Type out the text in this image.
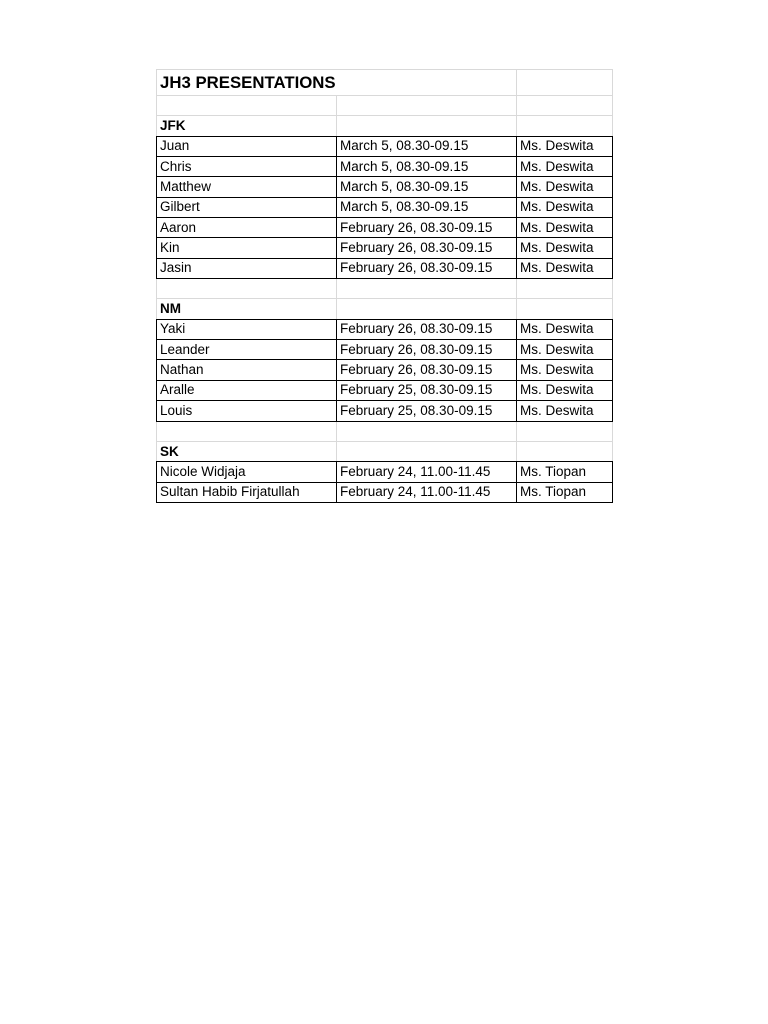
JH3 PRESENTATIONS		

JFK		
Juan	March 5, 08.30-09.15	Ms. Deswita
Chris	March 5, 08.30-09.15	Ms. Deswita
Matthew	March 5, 08.30-09.15	Ms. Deswita
Gilbert	March 5, 08.30-09.15	Ms. Deswita
Aaron	February 26, 08.30-09.15	Ms. Deswita
Kin	February 26, 08.30-09.15	Ms. Deswita
Jasin	February 26, 08.30-09.15	Ms. Deswita

NM		
Yaki	February 26, 08.30-09.15	Ms. Deswita
Leander	February 26, 08.30-09.15	Ms. Deswita
Nathan	February 26, 08.30-09.15	Ms. Deswita
Aralle	February 25, 08.30-09.15	Ms. Deswita
Louis	February 25, 08.30-09.15	Ms. Deswita

SK		
Nicole Widjaja	February 24, 11.00-11.45	Ms. Tiopan
Sultan Habib Firjatullah	February 24, 11.00-11.45	Ms. Tiopan
